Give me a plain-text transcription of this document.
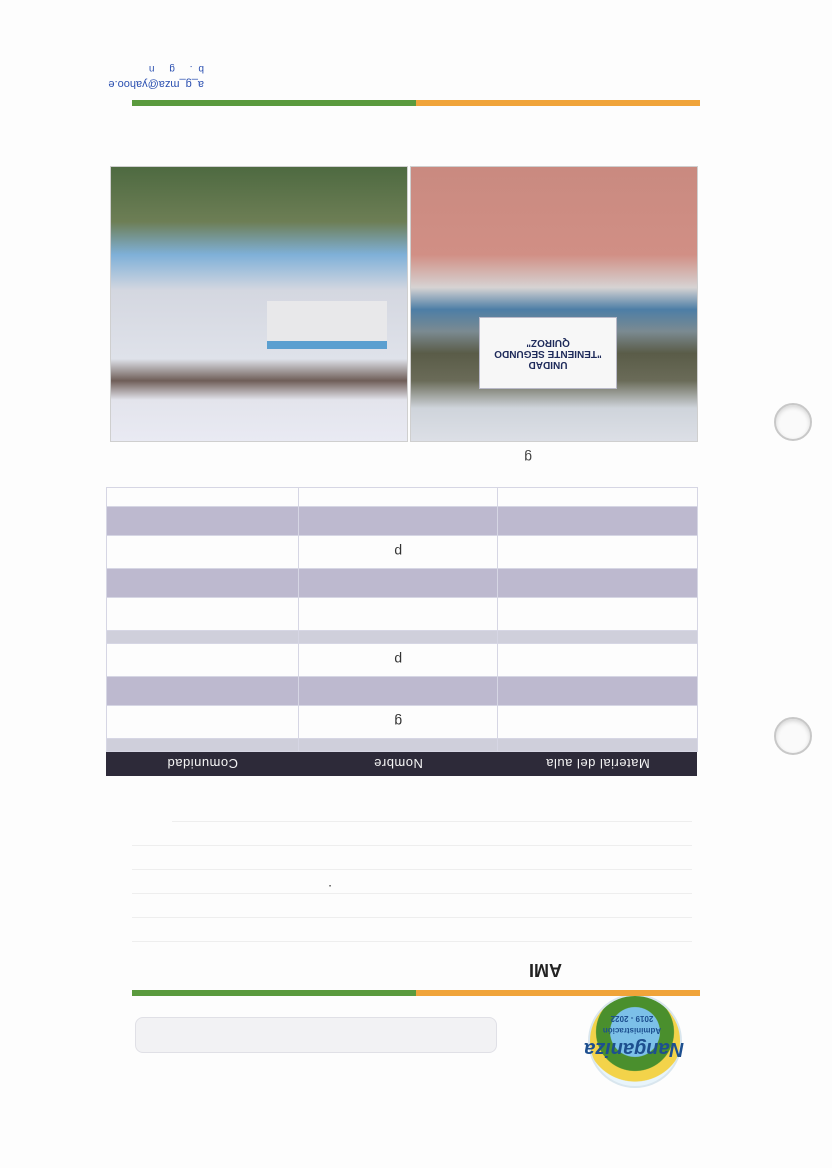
Nanganiza
Administración
2019 - 2022
AMI
.
Material del aula	Nombre	Comunidad

	g	

	p	

	p	

g
UNIDAD
"TENIENTE SEGUNDO QUIROZ"
a_g_mza@yahoo.e
b. g n
